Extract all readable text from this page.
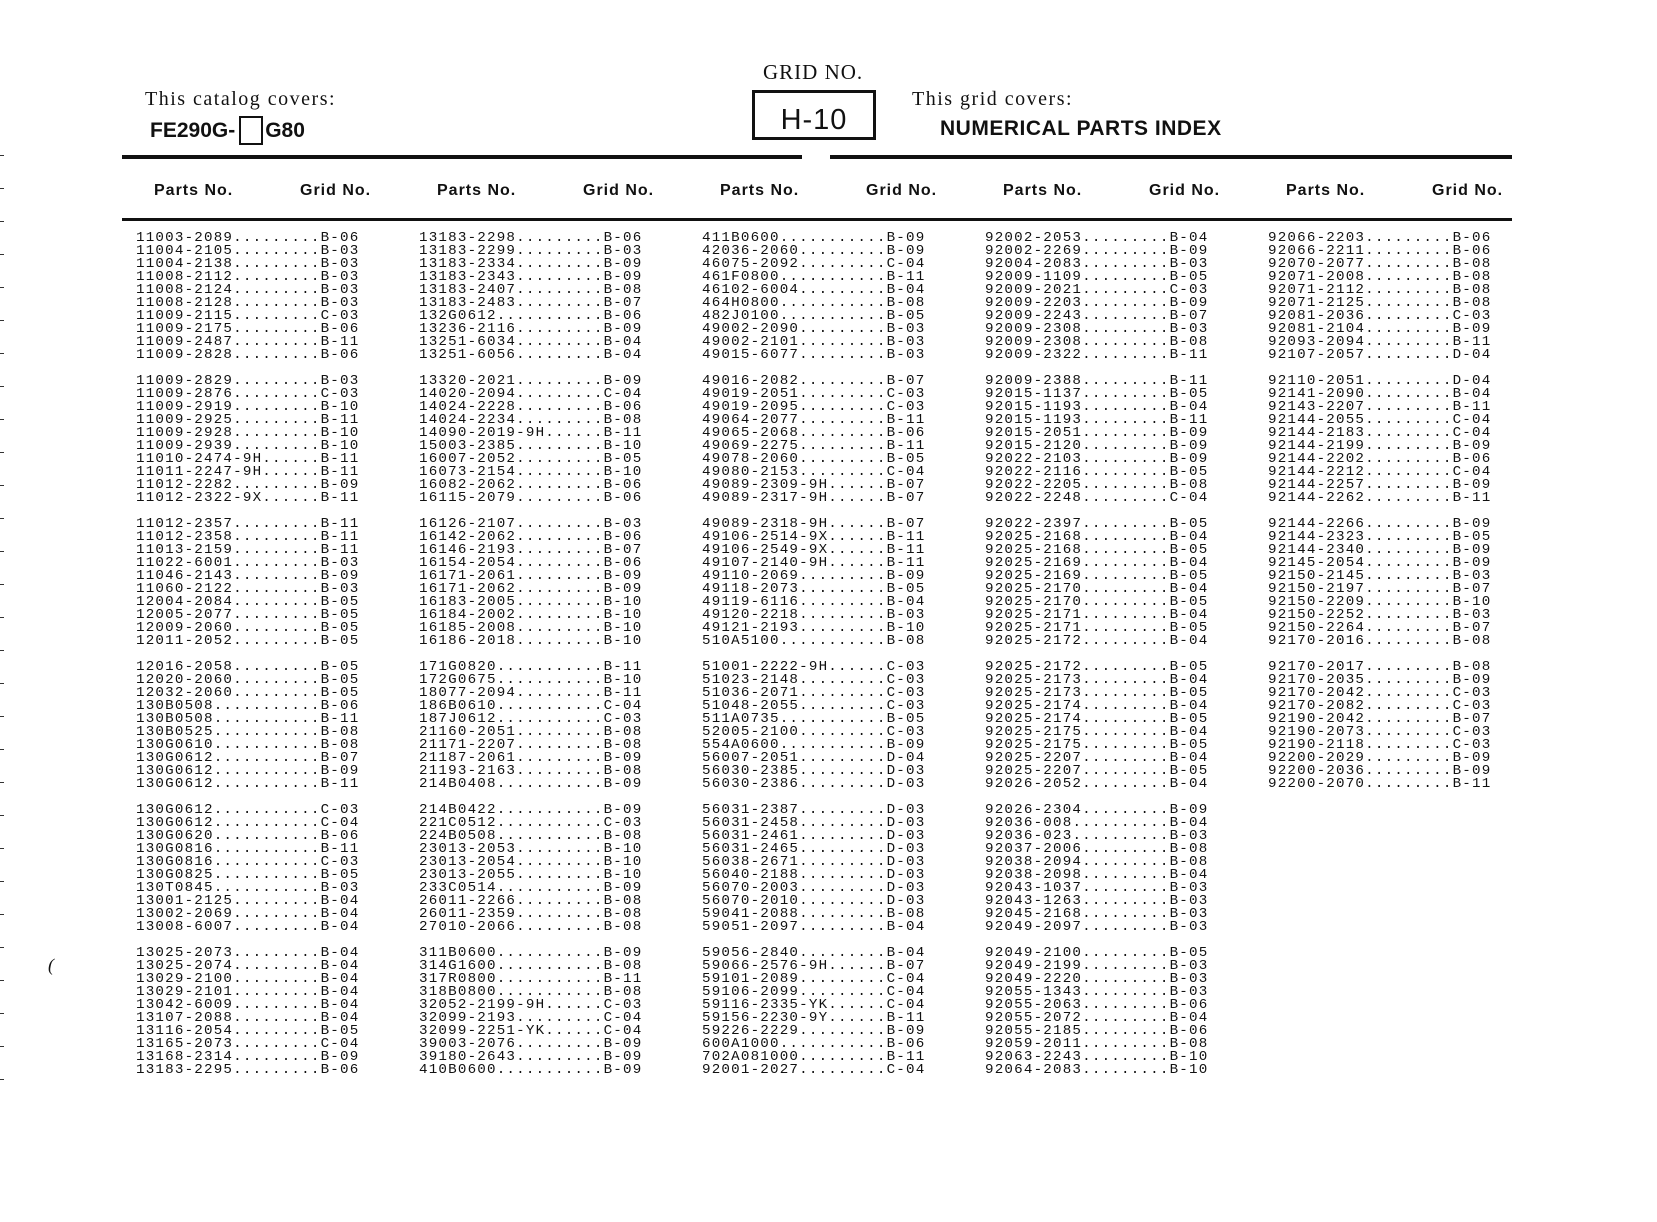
This catalog covers:
FE290G- G80
GRID NO.
H-10
This grid covers:
NUMERICAL PARTS INDEX
Parts No.	Grid No.	Parts No.	Grid No.	Parts No.	Grid No.	Parts No.	Grid No.	Parts No.	Grid No.
11003-2089.........B-06
11004-2105.........B-03
11004-2138.........B-03
11008-2112.........B-03
11008-2124.........B-03
11008-2128.........B-03
11009-2115.........C-03
11009-2175.........B-06
11009-2487.........B-11
11009-2828.........B-06
11009-2829.........B-03
11009-2876.........C-03
11009-2919.........B-10
11009-2925.........B-11
11009-2928.........B-10
11009-2939.........B-10
11010-2474-9H......B-11
11011-2247-9H......B-11
11012-2282.........B-09
11012-2322-9X......B-11
11012-2357.........B-11
11012-2358.........B-11
11013-2159.........B-11
11022-6001.........B-03
11046-2143.........B-09
11060-2122.........B-03
12004-2084.........B-05
12005-2077.........B-05
12009-2060.........B-05
12011-2052.........B-05
12016-2058.........B-05
12020-2060.........B-05
12032-2060.........B-05
130B0508...........B-06
130B0508...........B-11
130B0525...........B-08
130G0610...........B-08
130G0612...........B-07
130G0612...........B-09
130G0612...........B-11
130G0612...........C-03
130G0612...........C-04
130G0620...........B-06
130G0816...........B-11
130G0816...........C-03
130G0825...........B-05
130T0845...........B-03
13001-2125.........B-04
13002-2069.........B-04
13008-6007.........B-04
13025-2073.........B-04
13025-2074.........B-04
13029-2100.........B-04
13029-2101.........B-04
13042-6009.........B-04
13107-2088.........B-04
13116-2054.........B-05
13165-2073.........C-04
13168-2314.........B-09
13183-2295.........B-06
13183-2298.........B-06
13183-2299.........B-03
13183-2334.........B-09
13183-2343.........B-09
13183-2407.........B-08
13183-2483.........B-07
132G0612...........B-06
13236-2116.........B-09
13251-6034.........B-04
13251-6056.........B-04
13320-2021.........B-09
14020-2094.........C-04
14024-2228.........B-06
14024-2234.........B-08
14090-2019-9H......B-11
15003-2385.........B-10
16007-2052.........B-05
16073-2154.........B-10
16082-2062.........B-06
16115-2079.........B-06
16126-2107.........B-03
16142-2062.........B-06
16146-2193.........B-07
16154-2054.........B-06
16171-2061.........B-09
16171-2062.........B-09
16183-2005.........B-10
16184-2002.........B-10
16185-2008.........B-10
16186-2018.........B-10
171G0820...........B-11
172G0675...........B-10
18077-2094.........B-11
186B0610...........C-04
187J0612...........C-03
21160-2051.........B-08
21171-2207.........B-08
21187-2061.........B-09
21193-2163.........B-08
214B0408...........B-09
214B0422...........B-09
221C0512...........C-03
224B0508...........B-08
23013-2053.........B-10
23013-2054.........B-10
23013-2055.........B-10
233C0514...........B-09
26011-2266.........B-08
26011-2359.........B-08
27010-2066.........B-08
311B0600...........B-09
314G1600...........B-08
317R0800...........B-11
318B0800...........B-08
32052-2199-9H......C-03
32099-2193.........C-04
32099-2251-YK......C-04
39003-2076.........B-09
39180-2643.........B-09
410B0600...........B-09
411B0600...........B-09
42036-2060.........B-09
46075-2092.........C-04
461F0800...........B-11
46102-6004.........B-04
464H0800...........B-08
482J0100...........B-05
49002-2090.........B-03
49002-2101.........B-03
49015-6077.........B-03
49016-2082.........B-07
49019-2051.........C-03
49019-2095.........C-03
49064-2077.........B-11
49065-2068.........B-06
49069-2275.........B-11
49078-2060.........B-05
49080-2153.........C-04
49089-2309-9H......B-07
49089-2317-9H......B-07
49089-2318-9H......B-07
49106-2514-9X......B-11
49106-2549-9X......B-11
49107-2140-9H......B-11
49110-2069.........B-09
49118-2073.........B-05
49119-6116.........B-04
49120-2218.........B-03
49121-2193.........B-10
510A5100...........B-08
51001-2222-9H......C-03
51023-2148.........C-03
51036-2071.........C-03
51048-2055.........C-03
511A0735...........B-05
52005-2100.........C-03
554A0600...........B-09
56007-2051.........D-04
56030-2385.........D-03
56030-2386.........D-03
56031-2387.........D-03
56031-2458.........D-03
56031-2461.........D-03
56031-2465.........D-03
56038-2671.........D-03
56040-2188.........D-03
56070-2003.........D-03
56070-2010.........D-03
59041-2088.........B-08
59051-2097.........B-04
59056-2840.........B-04
59066-2576-9H......B-07
59101-2089.........C-04
59106-2099.........C-04
59116-2335-YK......C-04
59156-2230-9Y......B-11
59226-2229.........B-09
600A1000...........B-06
702A081000.........B-11
92001-2027.........C-04
92002-2053.........B-04
92002-2269.........B-09
92004-2083.........B-03
92009-1109.........B-05
92009-2021.........C-03
92009-2203.........B-09
92009-2243.........B-07
92009-2308.........B-03
92009-2308.........B-08
92009-2322.........B-11
92009-2388.........B-11
92015-1137.........B-05
92015-1193.........B-04
92015-1193.........B-11
92015-2051.........B-09
92015-2120.........B-09
92022-2103.........B-09
92022-2116.........B-05
92022-2205.........B-08
92022-2248.........C-04
92022-2397.........B-05
92025-2168.........B-04
92025-2168.........B-05
92025-2169.........B-04
92025-2169.........B-05
92025-2170.........B-04
92025-2170.........B-05
92025-2171.........B-04
92025-2171.........B-05
92025-2172.........B-04
92025-2172.........B-05
92025-2173.........B-04
92025-2173.........B-05
92025-2174.........B-04
92025-2174.........B-05
92025-2175.........B-04
92025-2175.........B-05
92025-2207.........B-04
92025-2207.........B-05
92026-2052.........B-04
92026-2304.........B-09
92036-008..........B-04
92036-023..........B-03
92037-2006.........B-08
92038-2094.........B-08
92038-2098.........B-04
92043-1037.........B-03
92043-1263.........B-03
92045-2168.........B-03
92049-2097.........B-03
92049-2100.........B-05
92049-2199.........B-03
92049-2220.........B-03
92055-1343.........B-03
92055-2063.........B-06
92055-2072.........B-04
92055-2185.........B-06
92059-2011.........B-08
92063-2243.........B-10
92064-2083.........B-10
92066-2203.........B-06
92066-2211.........B-06
92070-2077.........B-08
92071-2008.........B-08
92071-2112.........B-08
92071-2125.........B-08
92081-2036.........C-03
92081-2104.........B-09
92093-2094.........B-11
92107-2057.........D-04
92110-2051.........D-04
92141-2090.........B-04
92143-2207.........B-11
92144-2055.........C-04
92144-2183.........C-04
92144-2199.........B-09
92144-2202.........B-06
92144-2212.........C-04
92144-2257.........B-09
92144-2262.........B-11
92144-2266.........B-09
92144-2323.........B-05
92144-2340.........B-09
92145-2054.........B-09
92150-2145.........B-03
92150-2197.........B-07
92150-2209.........B-10
92150-2252.........B-03
92150-2264.........B-07
92170-2016.........B-08
92170-2017.........B-08
92170-2035.........B-09
92170-2042.........C-03
92170-2082.........C-03
92190-2042.........B-07
92190-2073.........C-03
92190-2118.........C-03
92200-2029.........B-09
92200-2036.........B-09
92200-2070.........B-11
(
